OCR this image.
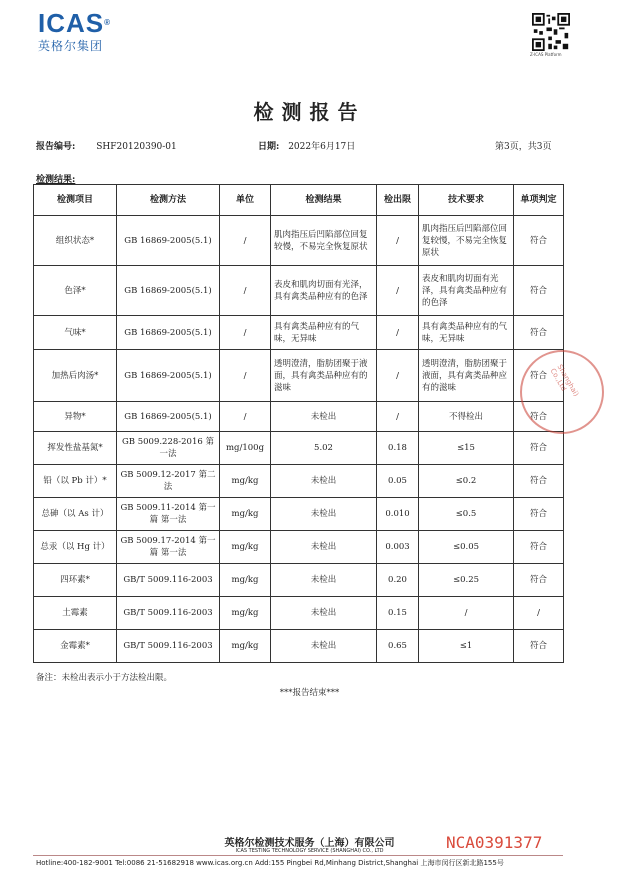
ICAS®
英格尔集团
Z-ICAS Platform
检测报告
报告编号: SHF20120390-01	日期: 2022年6月17日	第3页，共3页
检测结果:
检测项目	检测方法	单位	检测结果	检出限	技术要求	单项判定
组织状态*	GB 16869-2005(5.1)	/	肌肉指压后凹陷部位回复较慢，不易完全恢复原状	/	肌肉指压后凹陷部位回复较慢，不易完全恢复原状	符合
色泽*	GB 16869-2005(5.1)	/	表皮和肌肉切面有光泽，具有禽类品种应有的色泽	/	表皮和肌肉切面有光泽，具有禽类品种应有的色泽	符合
气味*	GB 16869-2005(5.1)	/	具有禽类品种应有的气味，无异味	/	具有禽类品种应有的气味，无异味	符合
加热后肉汤*	GB 16869-2005(5.1)	/	透明澄清，脂肪团聚于液面，具有禽类品种应有的滋味	/	透明澄清，脂肪团聚于液面，具有禽类品种应有的滋味	符合
异物*	GB 16869-2005(5.1)	/	未检出	/	不得检出	符合
挥发性盐基氮*	GB 5009.228-2016 第一法	mg/100g	5.02	0.18	≤15	符合
铅（以 Pb 计）*	GB 5009.12-2017 第二法	mg/kg	未检出	0.05	≤0.2	符合
总砷（以 As 计）	GB 5009.11-2014 第一篇 第一法	mg/kg	未检出	0.010	≤0.5	符合
总汞（以 Hg 计）	GB 5009.17-2014 第一篇 第一法	mg/kg	未检出	0.003	≤0.05	符合
四环素*	GB/T 5009.116-2003	mg/kg	未检出	0.20	≤0.25	符合
土霉素	GB/T 5009.116-2003	mg/kg	未检出	0.15	/	/
金霉素*	GB/T 5009.116-2003	mg/kg	未检出	0.65	≤1	符合
Shanghai) Co.,Ltd
备注：未检出表示小于方法检出限。
***报告结束***
英格尔检测技术服务（上海）有限公司	NCA0391377
ICAS TESTING TECHNOLOGY SERVICE (SHANGHAI) CO., LTD
Hotline:400-182-9001 Tel:0086 21-51682918 www.icas.org.cn Add:155 Pingbei Rd,Minhang District,Shanghai 上海市闵行区新北路155号
